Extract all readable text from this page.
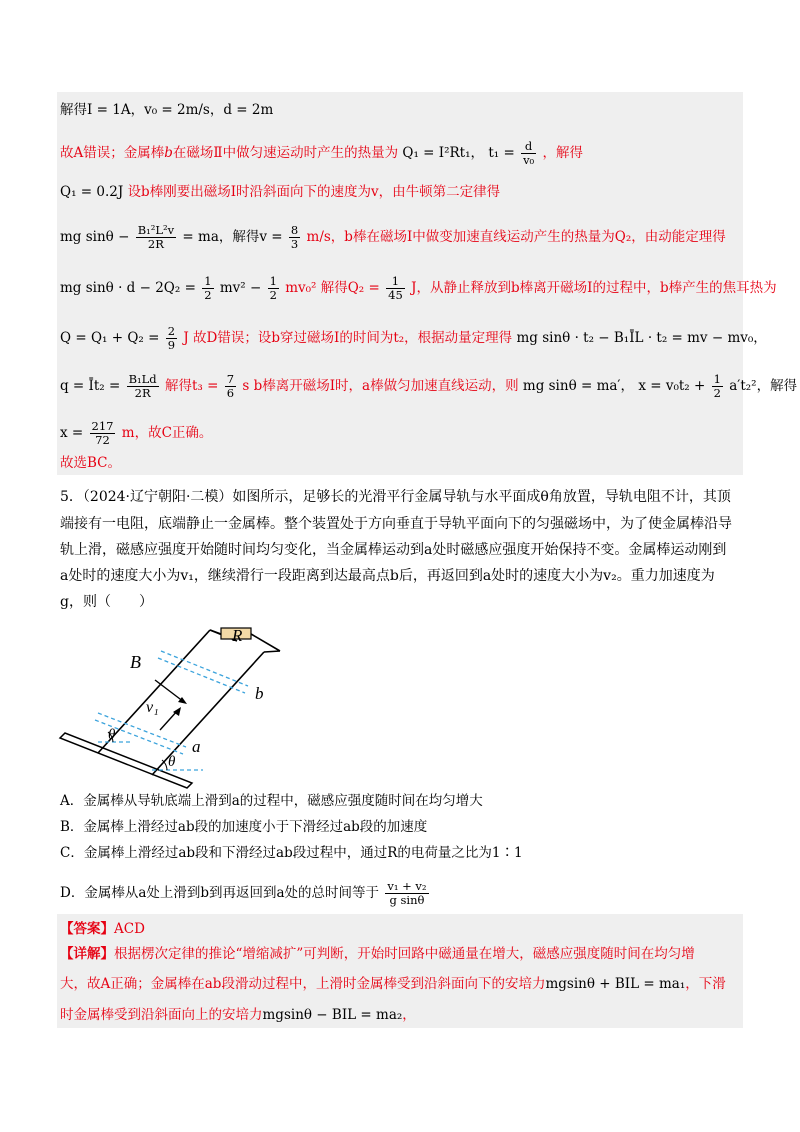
解得I = 1A，v₀ = 2m/s，d = 2m
故A错误；金属棒b在磁场Ⅱ中做匀速运动时产生的热量为 Q₁ = I²Rt₁， $t_1 = \frac{d}{\text{v₀}}$ ，解得
Q₁ = 0.2J 设b棒刚要出磁场Ⅰ时沿斜面向下的速度为v，由牛顿第二定律得
mg $\sin\theta - \frac{\text{B₁²L²v}}{2R}$ = ma，解得$v = \frac{8}{3} m/s$，b棒在磁场Ⅰ中做变加速直线运动产生的热量为Q₂，由动能定理得
mg $\sin\theta \cdot d - 2Q_2 = \frac{1}{2} mv^2 - \frac{1}{2} mv_0^2$ 解得$Q_2 = \frac{1}{45}$ J，从静止释放到b棒离开磁场Ⅰ的过程中，b棒产生的焦耳热为
$Q = Q_1 + Q_2 = \frac{2}{9}$ J 故D错误；设b穿过磁场Ⅰ的时间为t₂，根据动量定理得 mg sinθ · t₂ − B₁ĪL · t₂ = mv − mv₀，
q = Īt₂ = $\frac{\text{B₁Ld}}{2R}$ 解得$t_3 = \frac{7}{6}$ s b棒离开磁场Ⅰ时，a棒做匀加速直线运动，则 mg sinθ = ma′， $x = v_0t_2 + \frac{1}{2} a't_2^2$，解得
$x = \frac{217}{72}$ m，故C正确。
故选BC。
5．（2024·辽宁朝阳·二模）如图所示，足够长的光滑平行金属导轨与水平面成θ角放置，导轨电阻不计，其顶
端接有一电阻，底端静止一金属棒。整个装置处于方向垂直于导轨平面向下的匀强磁场中，为了使金属棒沿导
轨上滑，磁感应强度开始随时间均匀变化，当金属棒运动到a处时磁感应强度开始保持不变。金属棒运动刚到
a处时的速度大小为v₁，继续滑行一段距离到达最高点b后，再返回到a处时的速度大小为v₂。重力加速度为
g，则（　　）
R
B
v₁
b
a
θ
θ
A．金属棒从导轨底端上滑到a的过程中，磁感应强度随时间在均匀增大
B．金属棒上滑经过ab段的加速度小于下滑经过ab段的加速度
C．金属棒上滑经过ab段和下滑经过ab段过程中，通过R的电荷量之比为1∶1
D．金属棒从a处上滑到b到再返回到a处的总时间等于 $\frac{\text{v₁ + v₂}}{\text{g sinθ}}$
【答案】ACD
【详解】根据楞次定律的推论“增缩减扩”可判断，开始时回路中磁通量在增大，磁感应强度随时间在均匀增
大，故A正确；金属棒在ab段滑动过程中，上滑时金属棒受到沿斜面向下的安培力mgsinθ + BIL = ma₁，下滑
时金属棒受到沿斜面向上的安培力mgsinθ − BIL = ma₂，
